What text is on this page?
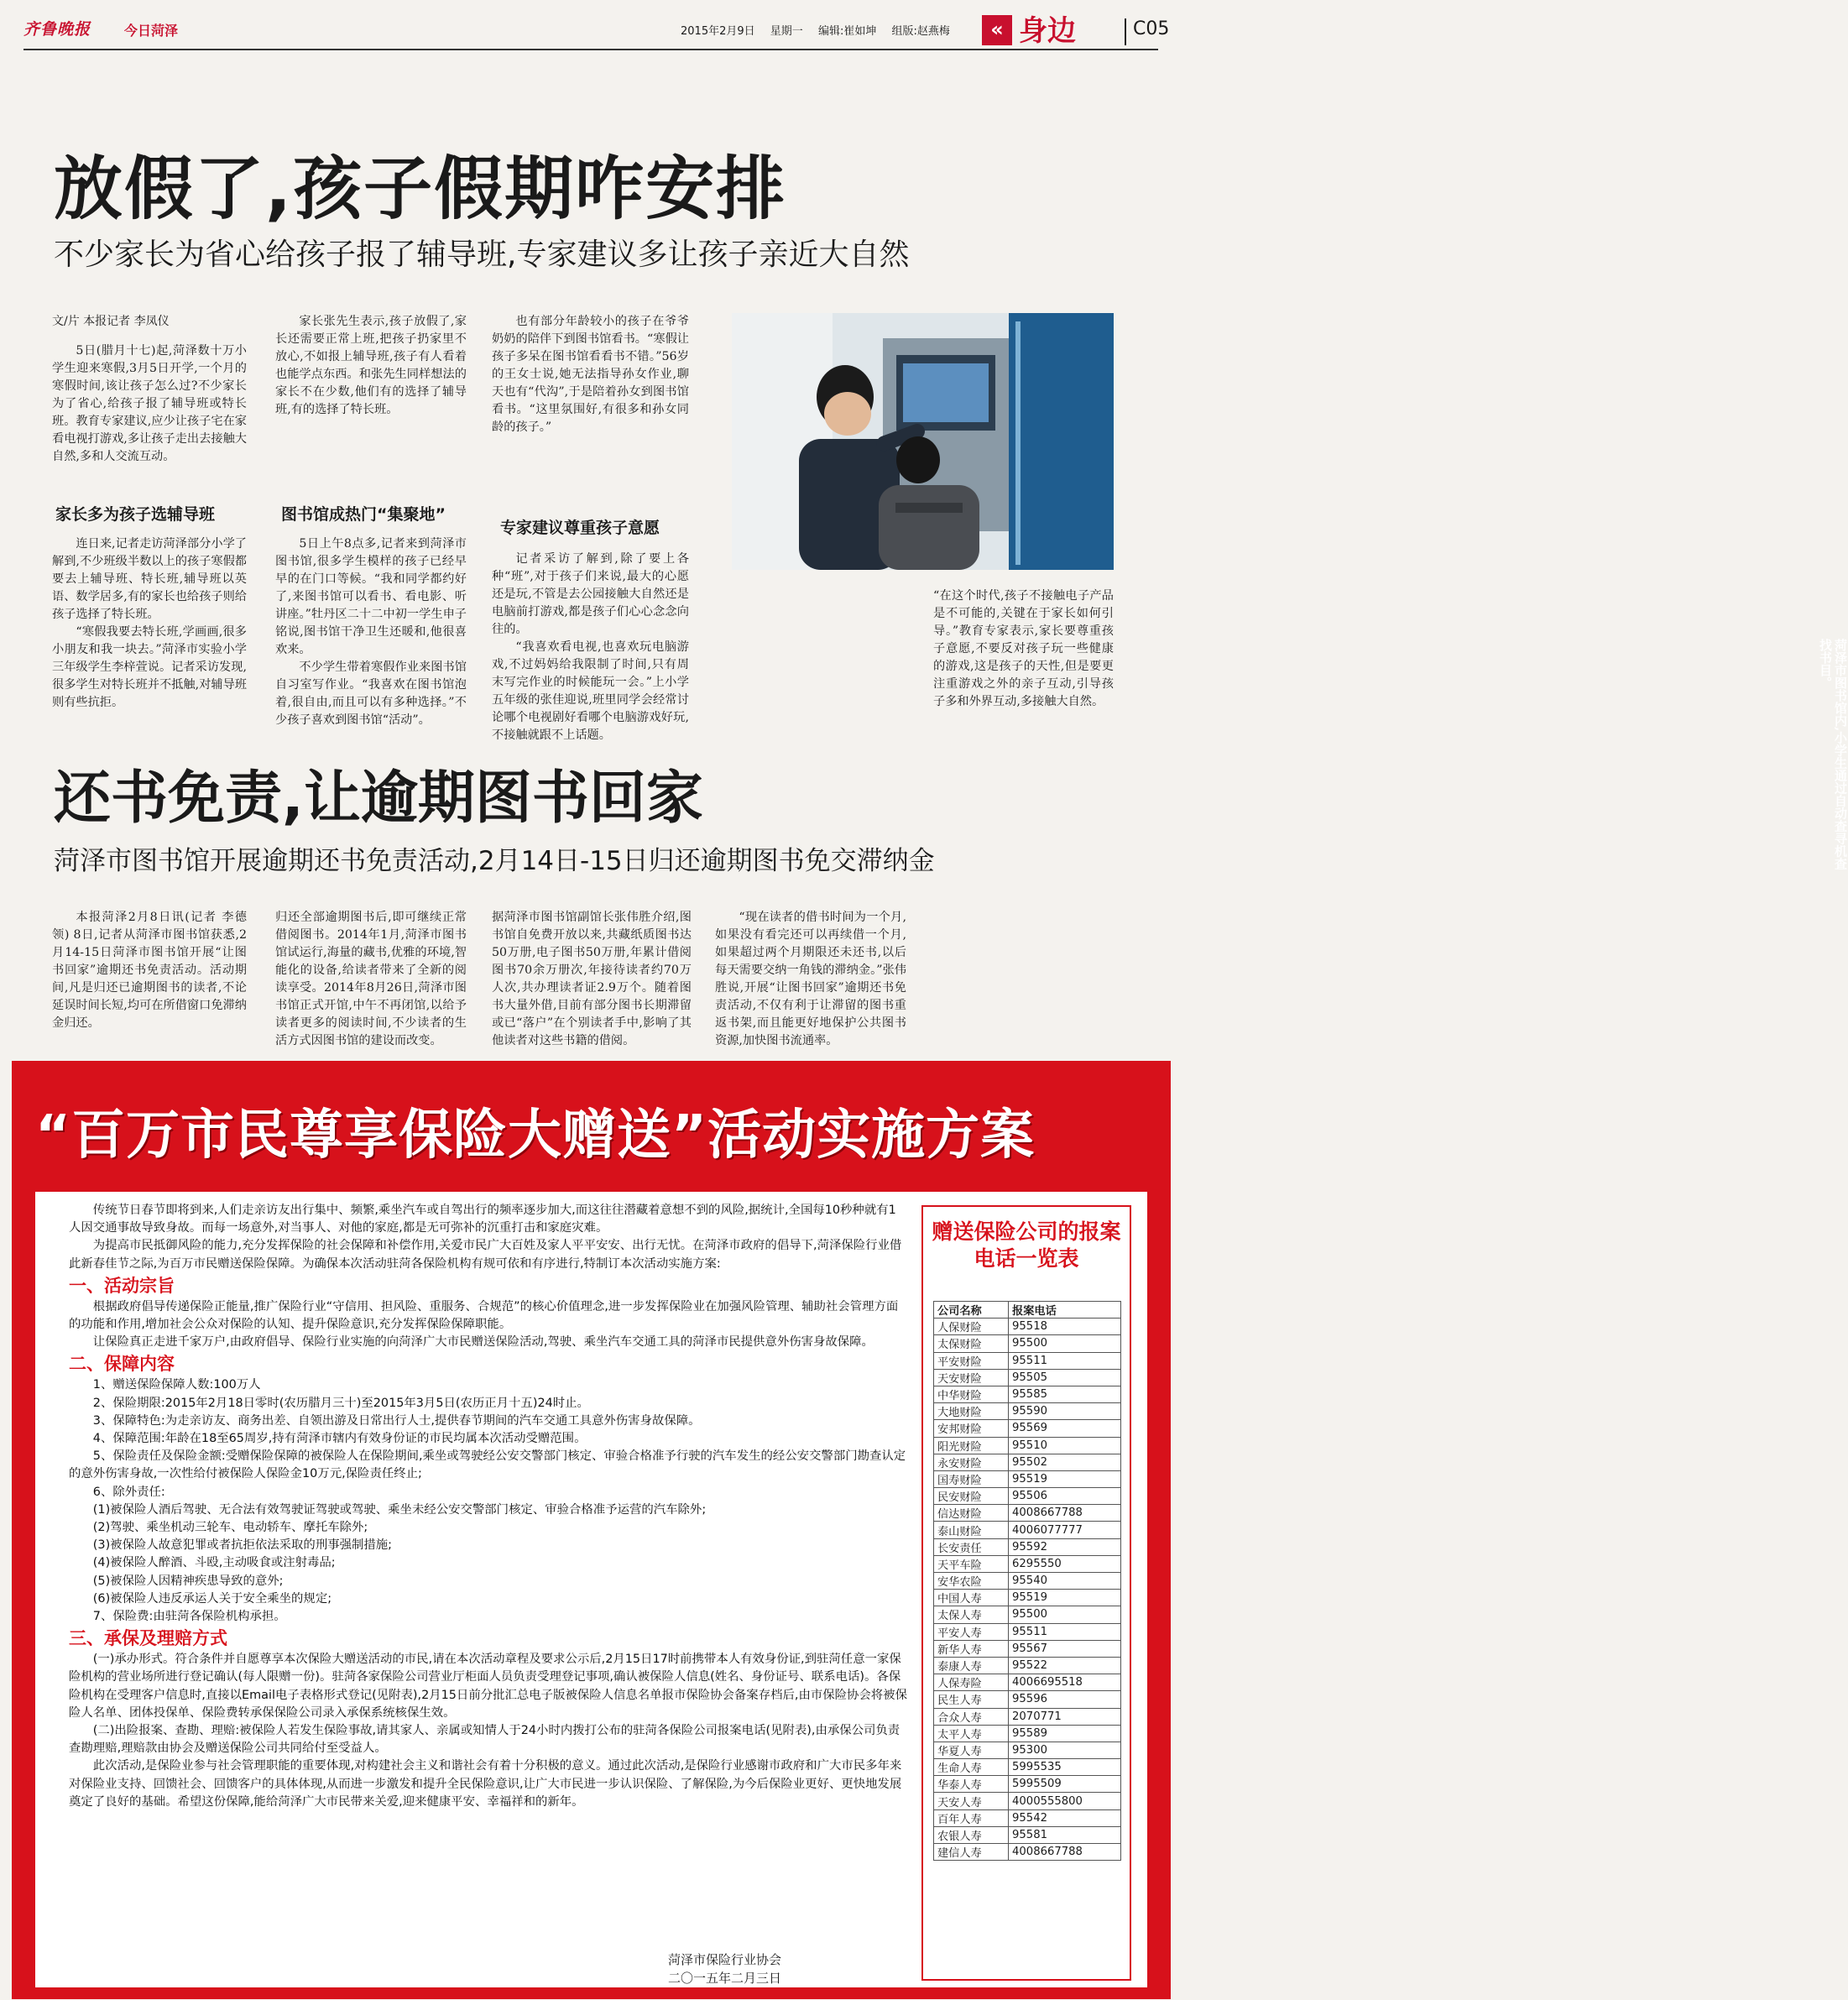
齐鲁晚报 今日菏泽	2015年2月9日 星期一 编辑:崔如坤 组版:赵燕梅	« 身边	C05
放假了,孩子假期咋安排
不少家长为省心给孩子报了辅导班,专家建议多让孩子亲近大自然

文/片 本报记者 李凤仪

5日(腊月十七)起,菏泽数十万小学生迎来寒假,3月5日开学,一个月的寒假时间,该让孩子怎么过?不少家长为了省心,给孩子报了辅导班或特长班。教育专家建议,应少让孩子宅在家看电视打游戏,多让孩子走出去接触大自然,多和人交流互动。

家长多为孩子选辅导班

连日来,记者走访菏泽部分小学了解到,不少班级半数以上的孩子寒假都要去上辅导班、特长班,辅导班以英语、数学居多,有的家长也给孩子则给孩子选择了特长班。

“寒假我要去特长班,学画画,很多小朋友和我一块去。”菏泽市实验小学三年级学生李梓萱说。记者采访发现,很多学生对特长班并不抵触,对辅导班则有些抗拒。

家长张先生表示,孩子放假了,家长还需要正常上班,把孩子扔家里不放心,不如报上辅导班,孩子有人看着也能学点东西。和张先生同样想法的家长不在少数,他们有的选择了辅导班,有的选择了特长班。

图书馆成热门“集聚地”

5日上午8点多,记者来到菏泽市图书馆,很多学生模样的孩子已经早早的在门口等候。“我和同学都约好了,来图书馆可以看书、看电影、听讲座。”牡丹区二十二中初一学生申子铭说,图书馆干净卫生还暖和,他很喜欢来。

不少学生带着寒假作业来图书馆自习室写作业。“我喜欢在图书馆泡着,很自由,而且可以有多种选择。”不少孩子喜欢到图书馆“活动”。

也有部分年龄较小的孩子在爷爷奶奶的陪伴下到图书馆看书。“寒假让孩子多呆在图书馆看看书不错。”56岁的王女士说,她无法指导孙女作业,聊天也有“代沟”,于是陪着孙女到图书馆看书。“这里氛围好,有很多和孙女同龄的孩子。”

专家建议尊重孩子意愿

记者采访了解到,除了要上各种“班”,对于孩子们来说,最大的心愿还是玩,不管是去公园接触大自然还是电脑前打游戏,都是孩子们心心念念向往的。

“我喜欢看电视,也喜欢玩电脑游戏,不过妈妈给我限制了时间,只有周末写完作业的时候能玩一会。”上小学五年级的张佳迎说,班里同学会经常讨论哪个电视剧好看哪个电脑游戏好玩,不接触就跟不上话题。	菏泽市图书馆内,小学生通过自动查寻机查找书目。

“在这个时代,孩子不接触电子产品是不可能的,关键在于家长如何引导。”教育专家表示,家长要尊重孩子意愿,不要反对孩子玩一些健康的游戏,这是孩子的天性,但是要更注重游戏之外的亲子互动,引导孩子多和外界互动,多接触大自然。

还书免责,让逾期图书回家
菏泽市图书馆开展逾期还书免责活动,2月14日-15日归还逾期图书免交滞纳金

本报菏泽2月8日讯(记者 李德领) 8日,记者从菏泽市图书馆获悉,2月14-15日菏泽市图书馆开展“让图书回家”逾期还书免责活动。活动期间,凡是归还已逾期图书的读者,不论延误时间长短,均可在所借窗口免滞纳金归还。

归还全部逾期图书后,即可继续正常借阅图书。2014年1月,菏泽市图书馆试运行,海量的藏书,优雅的环境,智能化的设备,给读者带来了全新的阅读享受。2014年8月26日,菏泽市图书馆正式开馆,中午不再闭馆,以给予读者更多的阅读时间,不少读者的生活方式因图书馆的建设而改变。

据菏泽市图书馆副馆长张伟胜介绍,图书馆自免费开放以来,共藏纸质图书达50万册,电子图书50万册,年累计借阅图书70余万册次,年接待读者约70万人次,共办理读者证2.9万个。随着图书大量外借,目前有部分图书长期滞留或已“落户”在个别读者手中,影响了其他读者对这些书籍的借阅。

“现在读者的借书时间为一个月,如果没有看完还可以再续借一个月,如果超过两个月期限还未还书,以后每天需要交纳一角钱的滞纳金。”张伟胜说,开展“让图书回家”逾期还书免责活动,不仅有利于让滞留的图书重返书架,而且能更好地保护公共图书资源,加快图书流通率。

“百万市民尊享保险大赠送”活动实施方案

传统节日春节即将到来,人们走亲访友出行集中、频繁,乘坐汽车或自驾出行的频率逐步加大,而这往往潜藏着意想不到的风险,据统计,全国每10秒种就有1人因交通事故导致身故。而每一场意外,对当事人、对他的家庭,都是无可弥补的沉重打击和家庭灾难。

为提高市民抵御风险的能力,充分发挥保险的社会保障和补偿作用,关爱市民广大百姓及家人平平安安、出行无忧。在菏泽市政府的倡导下,菏泽保险行业借此新春佳节之际,为百万市民赠送保险保障。为确保本次活动驻菏各保险机构有规可依和有序进行,特制订本次活动实施方案:

一、活动宗旨

根据政府倡导传递保险正能量,推广保险行业“守信用、担风险、重服务、合规范”的核心价值理念,进一步发挥保险业在加强风险管理、辅助社会管理方面的功能和作用,增加社会公众对保险的认知、提升保险意识,充分发挥保险保障职能。

让保险真正走进千家万户,由政府倡导、保险行业实施的向菏泽广大市民赠送保险活动,驾驶、乘坐汽车交通工具的菏泽市民提供意外伤害身故保障。

二、保障内容

1、赠送保险保障人数:100万人

2、保险期限:2015年2月18日零时(农历腊月三十)至2015年3月5日(农历正月十五)24时止。

3、保障特色:为走亲访友、商务出差、自领出游及日常出行人士,提供春节期间的汽车交通工具意外伤害身故保障。

4、保障范围:年龄在18至65周岁,持有菏泽市辖内有效身份证的市民均属本次活动受赠范围。

5、保险责任及保险金额:受赠保险保障的被保险人在保险期间,乘坐或驾驶经公安交警部门核定、审验合格准予行驶的汽车发生的经公安交警部门勘查认定的意外伤害身故,一次性给付被保险人保险金10万元,保险责任终止;

6、除外责任:

(1)被保险人酒后驾驶、无合法有效驾驶证驾驶或驾驶、乘坐未经公安交警部门核定、审验合格准予运营的汽车除外;

(2)驾驶、乘坐机动三轮车、电动轿车、摩托车除外;

(3)被保险人故意犯罪或者抗拒依法采取的刑事强制措施;

(4)被保险人醉酒、斗殴,主动吸食或注射毒品;

(5)被保险人因精神疾患导致的意外;

(6)被保险人违反承运人关于安全乘坐的规定;

7、保险费:由驻菏各保险机构承担。

三、承保及理赔方式

(一)承办形式。符合条件并自愿尊享本次保险大赠送活动的市民,请在本次活动章程及要求公示后,2月15日17时前携带本人有效身份证,到驻菏任意一家保险机构的营业场所进行登记确认(每人限赠一份)。驻菏各家保险公司营业厅柜面人员负责受理登记事项,确认被保险人信息(姓名、身份证号、联系电话)。各保险机构在受理客户信息时,直接以Email电子表格形式登记(见附表),2月15日前分批汇总电子版被保险人信息名单报市保险协会备案存档后,由市保险协会将被保险人名单、团体投保单、保险费转承保保险公司录入承保系统核保生效。

(二)出险报案、查勘、理赔:被保险人若发生保险事故,请其家人、亲属或知情人于24小时内拨打公布的驻菏各保险公司报案电话(见附表),由承保公司负责查勘理赔,理赔款由协会及赠送保险公司共同给付至受益人。

此次活动,是保险业参与社会管理职能的重要体现,对构建社会主义和谐社会有着十分积极的意义。通过此次活动,是保险行业感谢市政府和广大市民多年来对保险业支持、回馈社会、回馈客户的具体体现,从而进一步激发和提升全民保险意识,让广大市民进一步认识保险、了解保险,为今后保险业更好、更快地发展奠定了良好的基础。希望这份保障,能给菏泽广大市民带来关爱,迎来健康平安、幸福祥和的新年。

菏泽市保险行业协会
二〇一五年二月三日
赠送保险公司的报案电话一览表
公司名称	报案电话
人保财险	95518
太保财险	95500
平安财险	95511
天安财险	95505
中华财险	95585
大地财险	95590
安邦财险	95569
阳光财险	95510
永安财险	95502
国寿财险	95519
民安财险	95506
信达财险	4008667788
泰山财险	4006077777
长安责任	95592
天平车险	6295550
安华农险	95540
中国人寿	95519
太保人寿	95500
平安人寿	95511
新华人寿	95567
泰康人寿	95522
人保寿险	4006695518
民生人寿	95596
合众人寿	2070771
太平人寿	95589
华夏人寿	95300
生命人寿	5995535
华泰人寿	5995509
天安人寿	4000555800
百年人寿	95542
农银人寿	95581
建信人寿	4008667788
